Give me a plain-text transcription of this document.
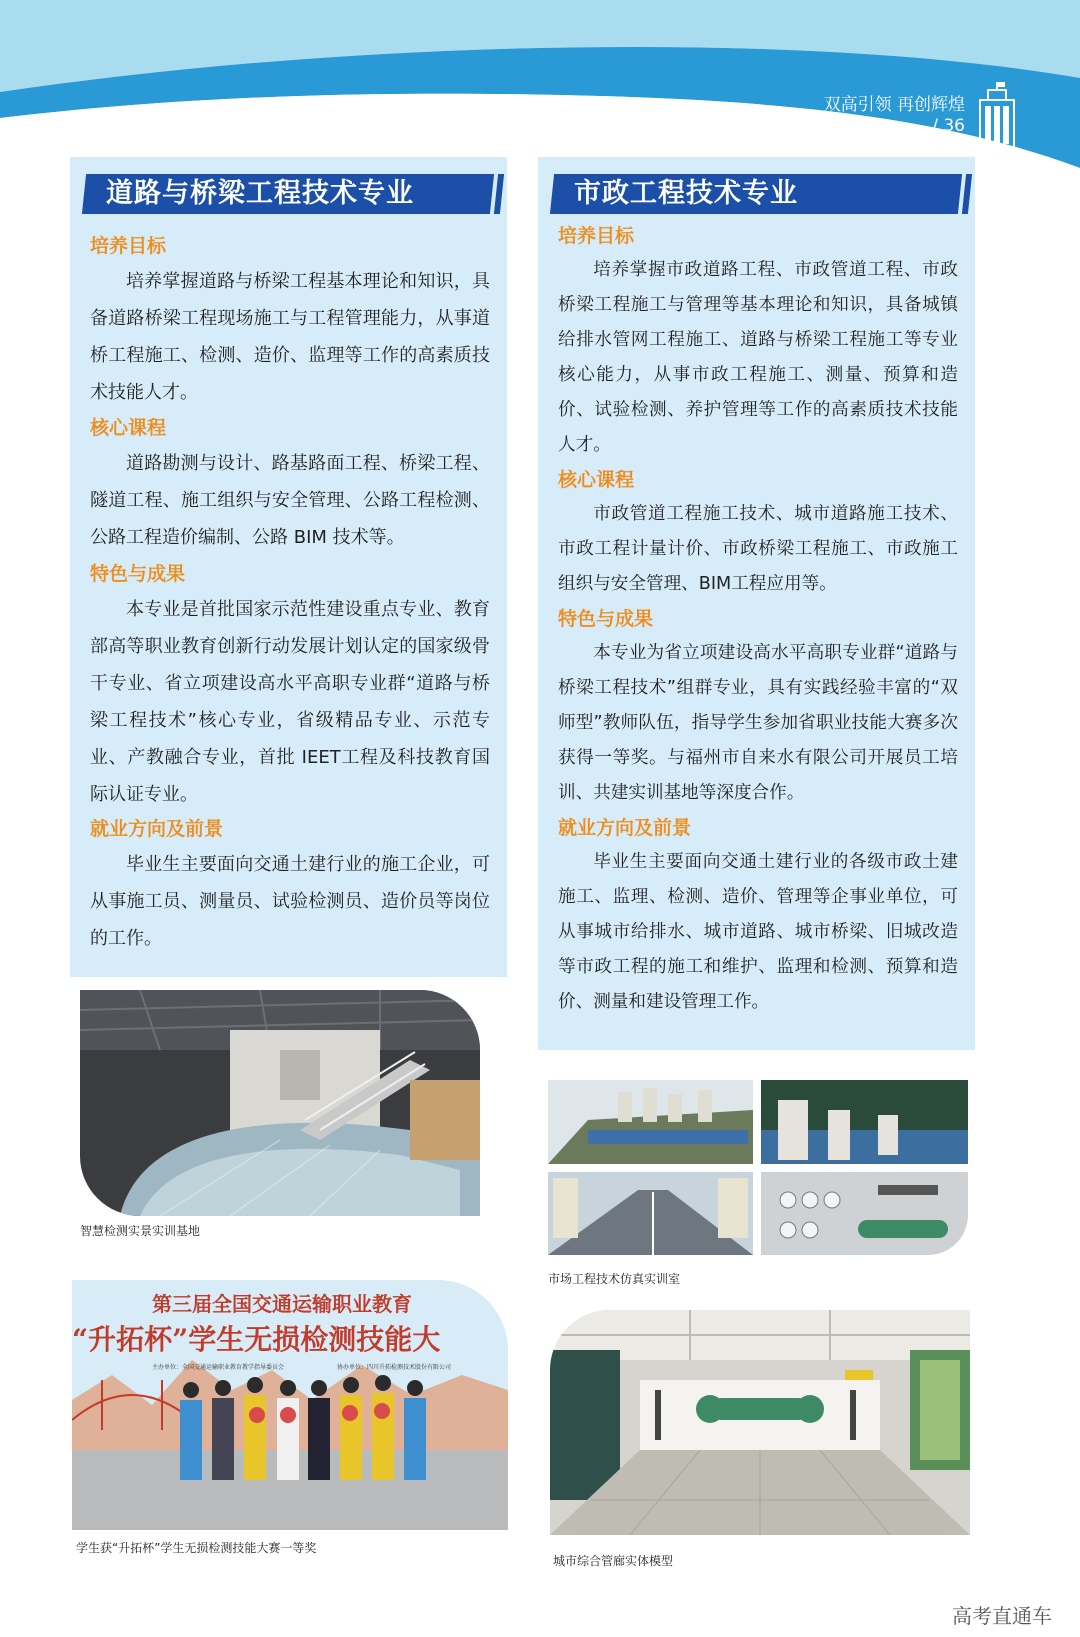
双高引领 再创辉煌
/ 36
道路与桥梁工程技术专业
培养目标
培养掌握道路与桥梁工程基本理论和知识，具备道路桥梁工程现场施工与工程管理能力，从事道桥工程施工、检测、造价、监理等工作的高素质技术技能人才。
核心课程
道路勘测与设计、路基路面工程、桥梁工程、隧道工程、施工组织与安全管理、公路工程检测、公路工程造价编制、公路 BIM 技术等。
特色与成果
本专业是首批国家示范性建设重点专业、教育部高等职业教育创新行动发展计划认定的国家级骨干专业、省立项建设高水平高职专业群“道路与桥梁工程技术”核心专业，省级精品专业、示范专业、产教融合专业，首批 IEET工程及科技教育国际认证专业。
就业方向及前景
毕业生主要面向交通土建行业的施工企业，可从事施工员、测量员、试验检测员、造价员等岗位的工作。
市政工程技术专业
培养目标
培养掌握市政道路工程、市政管道工程、市政桥梁工程施工与管理等基本理论和知识，具备城镇给排水管网工程施工、道路与桥梁工程施工等专业核心能力，从事市政工程施工、测量、预算和造价、试验检测、养护管理等工作的高素质技术技能人才。
核心课程
市政管道工程施工技术、城市道路施工技术、市政工程计量计价、市政桥梁工程施工、市政施工组织与安全管理、BIM工程应用等。
特色与成果
本专业为省立项建设高水平高职专业群“道路与桥梁工程技术”组群专业，具有实践经验丰富的“双师型”教师队伍，指导学生参加省职业技能大赛多次获得一等奖。与福州市自来水有限公司开展员工培训、共建实训基地等深度合作。
就业方向及前景
毕业生主要面向交通土建行业的各级市政土建施工、监理、检测、造价、管理等企事业单位，可从事城市给排水、城市道路、城市桥梁、旧城改造等市政工程的施工和维护、监理和检测、预算和造价、测量和建设管理工作。
智慧检测实景实训基地
市场工程技术仿真实训室
第三届全国交通运输职业教育
“升拓杯”学生无损检测技能大
主办单位：全国交通运输职业教育教学指导委员会	协办单位：四川升拓检测技术股份有限公司
学生获“升拓杯”学生无损检测技能大赛一等奖
城市综合管廊实体模型
高考直通车
